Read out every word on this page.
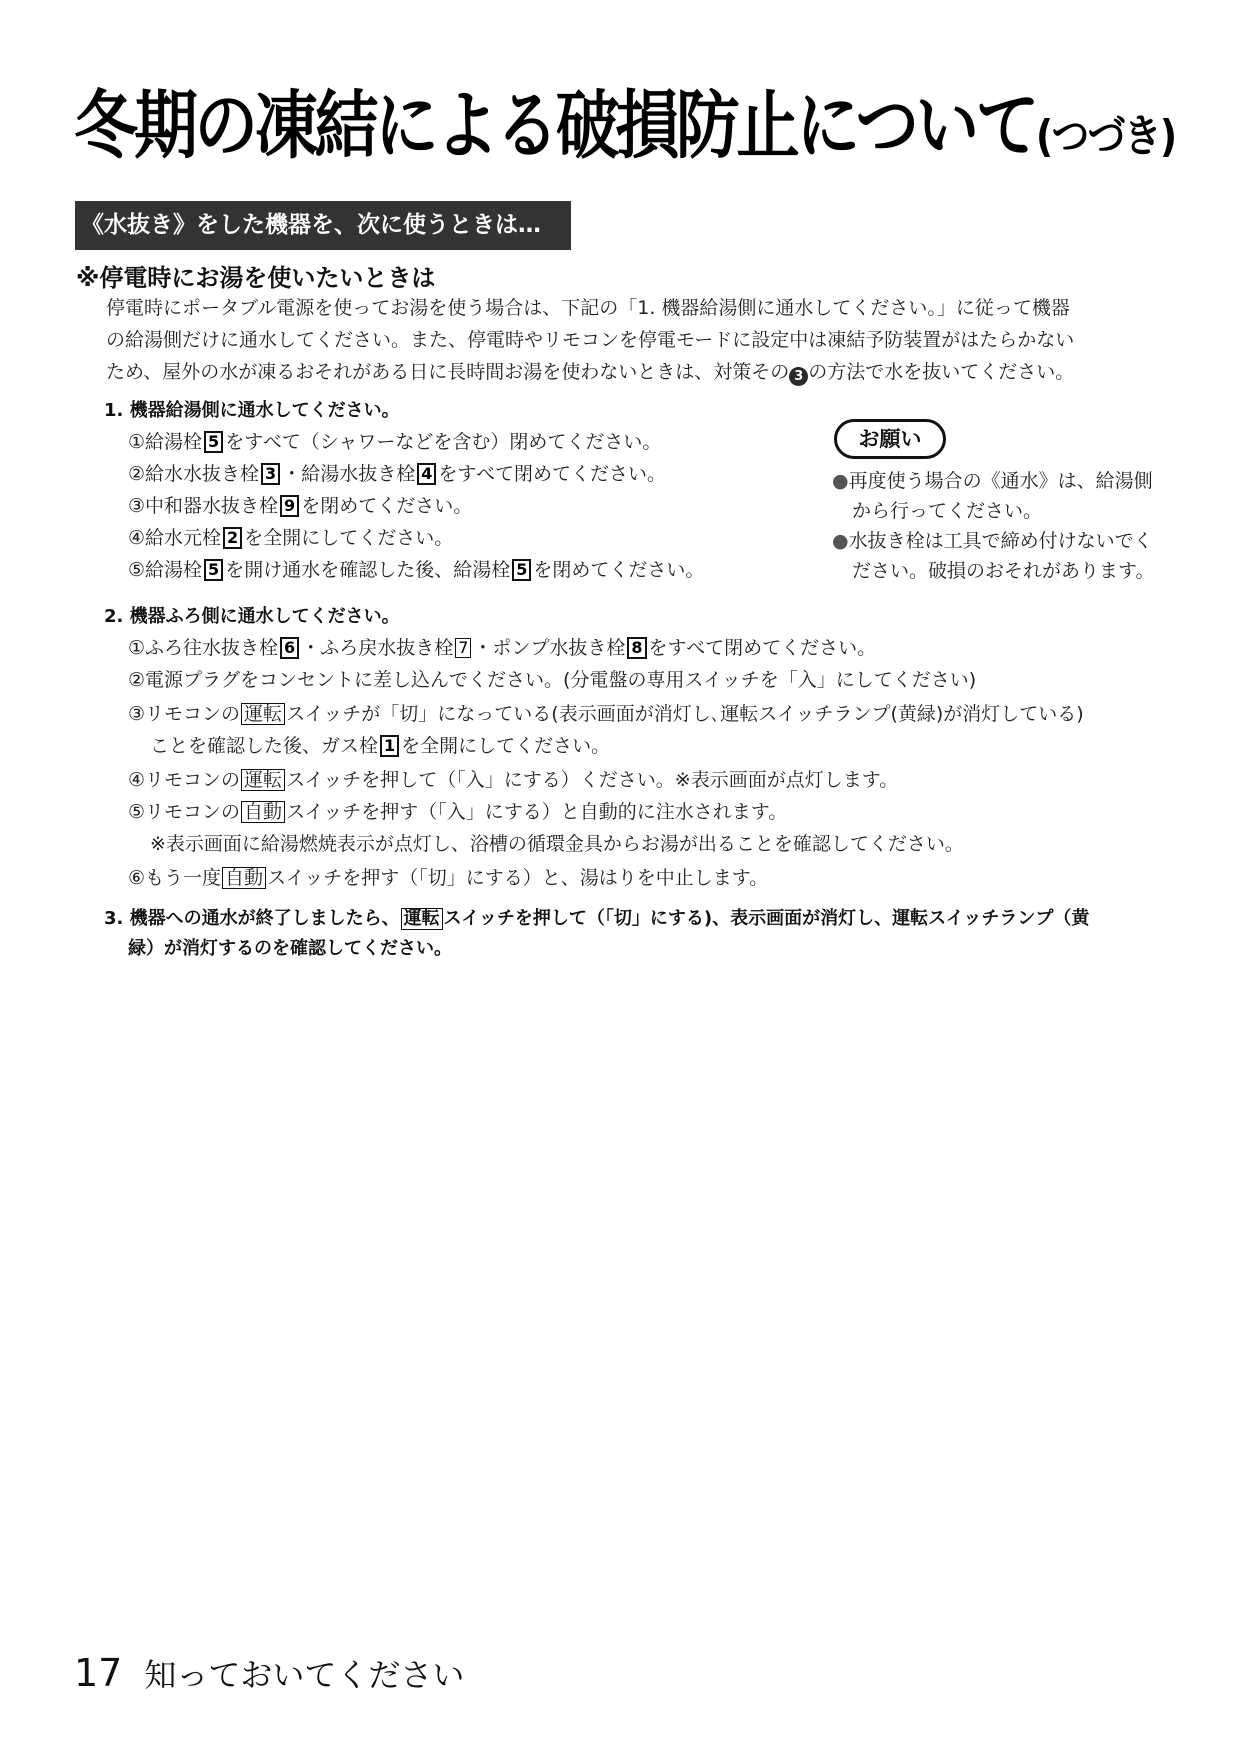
冬期の凍結による破損防止について(つづき)
《水抜き》をした機器を、次に使うときは…
※停電時にお湯を使いたいときは
停電時にポータブル電源を使ってお湯を使う場合は、下記の「1. 機器給湯側に通水してください。」に従って機器
の給湯側だけに通水してください。また、停電時やリモコンを停電モードに設定中は凍結予防装置がはたらかない
ため、屋外の水が凍るおそれがある日に長時間お湯を使わないときは、対策その 3 の方法で水を抜いてください。
1. 機器給湯側に通水してください。
①給湯栓 5 をすべて（シャワーなどを含む）閉めてください。
②給水水抜き栓 3 ・給湯水抜き栓 4 をすべて閉めてください。
③中和器水抜き栓 9 を閉めてください。
④給水元栓 2 を全開にしてください。
⑤給湯栓 5 を開け通水を確認した後、給湯栓 5 を閉めてください。
お願い
●再度使う場合の《通水》は、給湯側
から行ってください。
●水抜き栓は工具で締め付けないでく
ださい。破損のおそれがあります。
2. 機器ふろ側に通水してください。
①ふろ往水抜き栓 6 ・ふろ戻水抜き栓 7 ・ポンプ水抜き栓 8 をすべて閉めてください。
②電源プラグをコンセントに差し込んでください。(分電盤の専用スイッチを「入」にしてください)
③リモコンの 運転 スイッチが「切」になっている(表示画面が消灯し､運転スイッチランプ(黄緑)が消灯している)
ことを確認した後、ガス栓 1 を全開にしてください。
④リモコンの 運転 スイッチを押して（「入」にする）ください。※表示画面が点灯します。
⑤リモコンの 自動 スイッチを押す（「入」にする）と自動的に注水されます。
※表示画面に給湯燃焼表示が点灯し、浴槽の循環金具からお湯が出ることを確認してください。
⑥もう一度 自動 スイッチを押す（「切」にする）と、湯はりを中止します。
3. 機器への通水が終了しましたら、 運転 スイッチを押して（「切」にする)、表示画面が消灯し、運転スイッチランプ（黄
緑）が消灯するのを確認してください。
17 知っておいてください
